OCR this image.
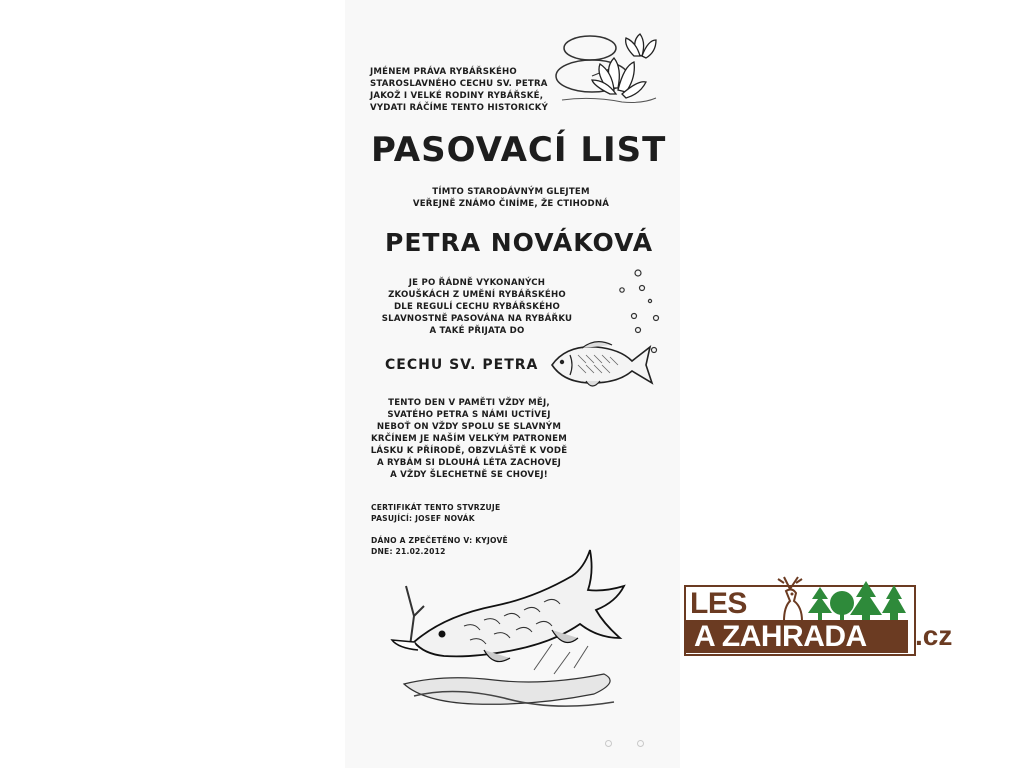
JMÉNEM PRÁVA RYBÁŘSKÉHO
STAROSLAVNÉHO CECHU SV. PETRA
JAKOŽ I VELKÉ RODINY RYBÁŘSKÉ,
VYDATI RÁČÍME TENTO HISTORICKÝ
PASOVACÍ LIST
TÍMTO STARODÁVNÝM GLEJTEM
VEŘEJNĚ ZNÁMO ČINÍME, ŽE CTIHODNÁ
PETRA NOVÁKOVÁ
JE PO ŘÁDNĚ VYKONANÝCH
ZKOUŠKÁCH Z UMĚNÍ RYBÁŘSKÉHO
DLE REGULÍ CECHU RYBÁŘSKÉHO
SLAVNOSTNĚ PASOVÁNA NA RYBÁŘKU
A TAKÉ PŘIJATA DO
CECHU SV. PETRA
TENTO DEN V PAMĚTI VŽDY MĚJ,
SVATÉHO PETRA S NÁMI UCTÍVEJ
NEBOŤ ON VŽDY SPOLU SE SLAVNÝM
KRČÍNEM JE NAŠÍM VELKÝM PATRONEM
LÁSKU K PŘÍRODĚ, OBZVLÁŠTĚ K VODĚ
A RYBÁM SI DLOUHÁ LÉTA ZACHOVEJ
A VŽDY ŠLECHETNĚ SE CHOVEJ!
CERTIFIKÁT TENTO STVRZUJE
PASUJÍCÍ: JOSEF NOVÁK
DÁNO A ZPEČETĚNO V: KYJOVĚ
DNE: 21.02.2012
LES
A ZAHRADA .cz
